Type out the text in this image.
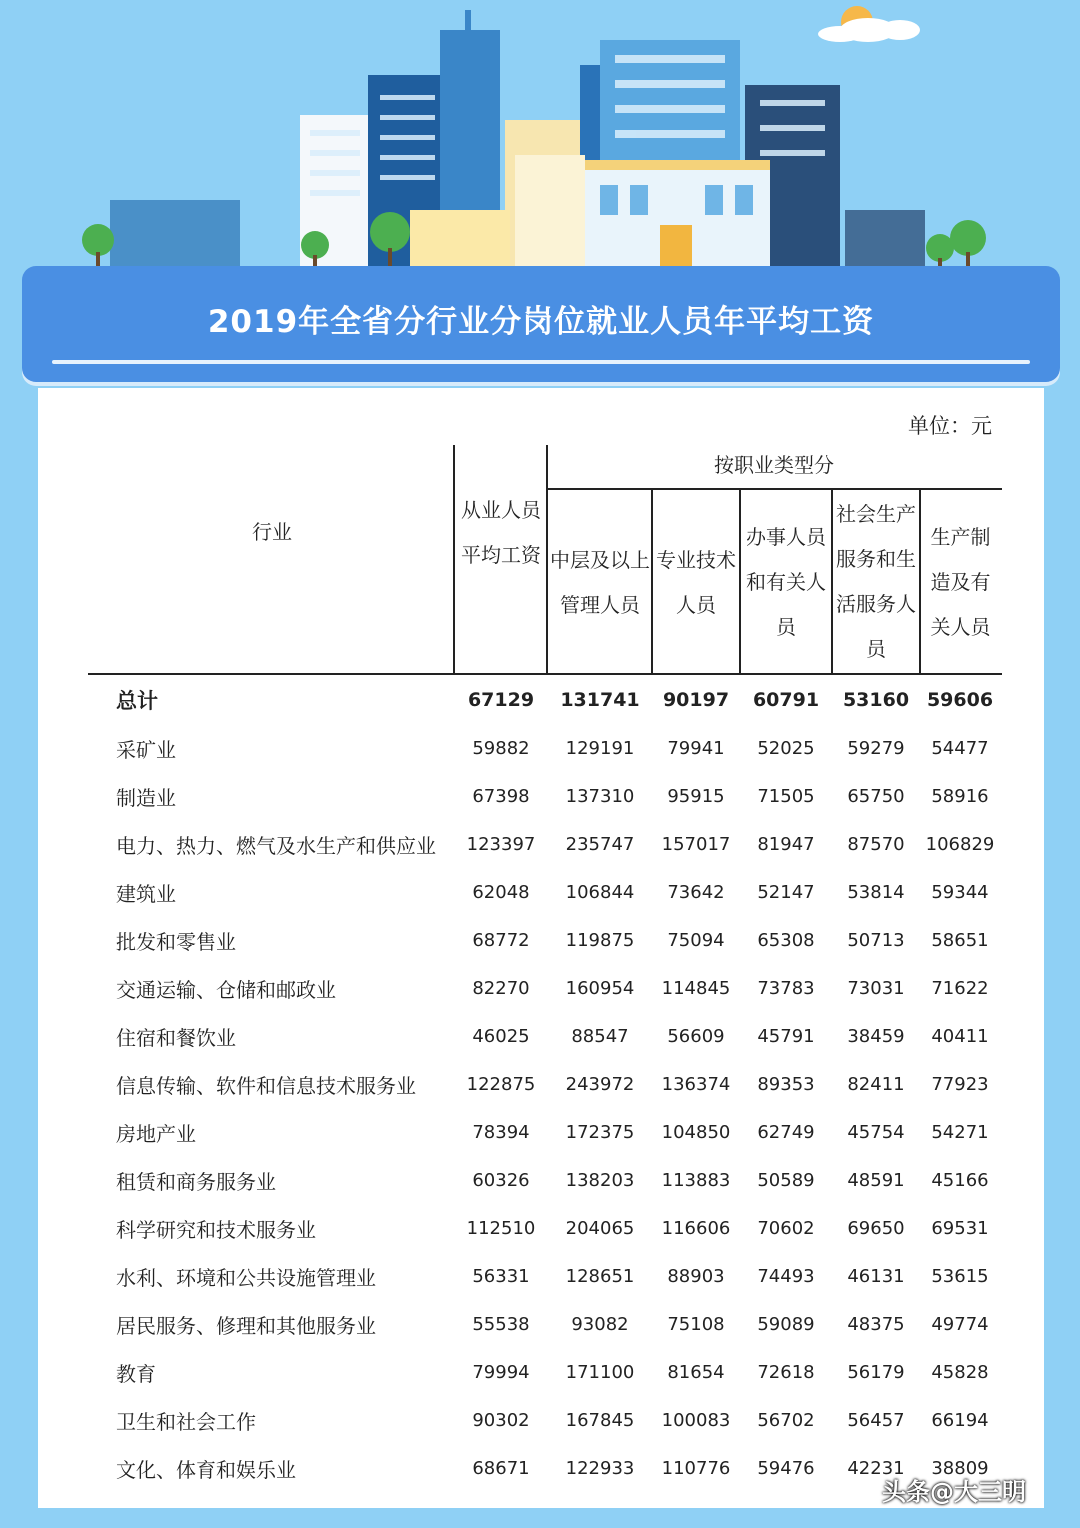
2019年全省分行业分岗位就业人员年平均工资
单位：元
行业
从业人员
平均工资
按职业类型分
中层及以上
管理人员
专业技术
人员
办事人员
和有关人
员
社会生产
服务和生
活服务人
员
生产制
造及有
关人员
总计	67129	131741	90197	60791	53160	59606
采矿业	59882	129191	79941	52025	59279	54477
制造业	67398	137310	95915	71505	65750	58916
电力、热力、燃气及水生产和供应业	123397	235747	157017	81947	87570	106829
建筑业	62048	106844	73642	52147	53814	59344
批发和零售业	68772	119875	75094	65308	50713	58651
交通运输、仓储和邮政业	82270	160954	114845	73783	73031	71622
住宿和餐饮业	46025	88547	56609	45791	38459	40411
信息传输、软件和信息技术服务业	122875	243972	136374	89353	82411	77923
房地产业	78394	172375	104850	62749	45754	54271
租赁和商务服务业	60326	138203	113883	50589	48591	45166
科学研究和技术服务业	112510	204065	116606	70602	69650	69531
水利、环境和公共设施管理业	56331	128651	88903	74493	46131	53615
居民服务、修理和其他服务业	55538	93082	75108	59089	48375	49774
教育	79994	171100	81654	72618	56179	45828
卫生和社会工作	90302	167845	100083	56702	56457	66194
文化、体育和娱乐业	68671	122933	110776	59476	42231	38809
头条@大三明
